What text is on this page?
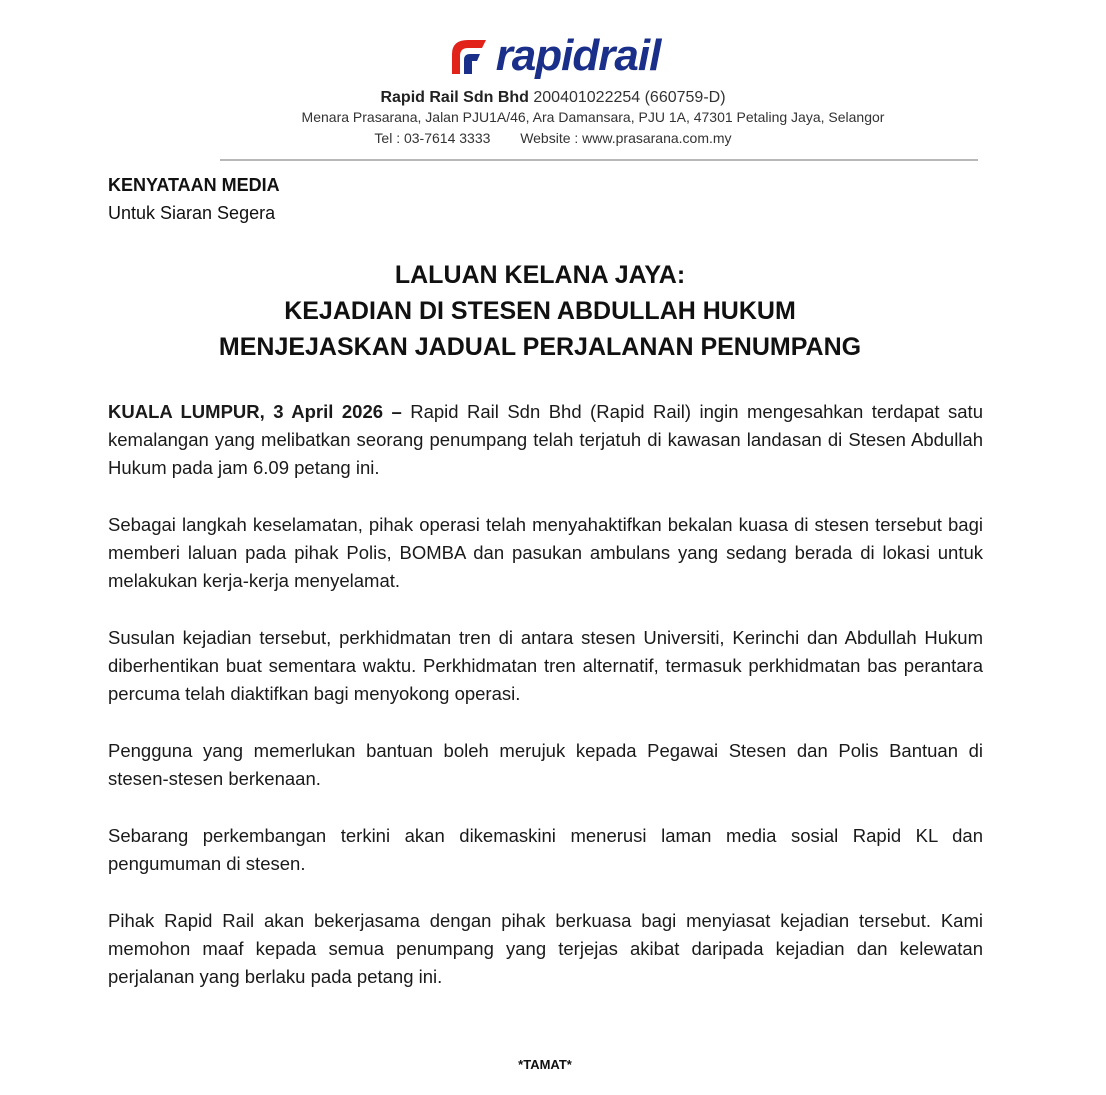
rapidrail
Rapid Rail Sdn Bhd 200401022254 (660759-D)
Menara Prasarana, Jalan PJU1A/46, Ara Damansara, PJU 1A, 47301 Petaling Jaya, Selangor
Tel : 03-7614 3333 Website : www.prasarana.com.my
KENYATAAN MEDIA
Untuk Siaran Segera
LALUAN KELANA JAYA:
KEJADIAN DI STESEN ABDULLAH HUKUM
MENJEJASKAN JADUAL PERJALANAN PENUMPANG
KUALA LUMPUR, 3 April 2026 – Rapid Rail Sdn Bhd (Rapid Rail) ingin mengesahkan terdapat satu kemalangan yang melibatkan seorang penumpang telah terjatuh di kawasan landasan di Stesen Abdullah Hukum pada jam 6.09 petang ini.
Sebagai langkah keselamatan, pihak operasi telah menyahaktifkan bekalan kuasa di stesen tersebut bagi memberi laluan pada pihak Polis, BOMBA dan pasukan ambulans yang sedang berada di lokasi untuk melakukan kerja-kerja menyelamat.
Susulan kejadian tersebut, perkhidmatan tren di antara stesen Universiti, Kerinchi dan Abdullah Hukum diberhentikan buat sementara waktu. Perkhidmatan tren alternatif, termasuk perkhidmatan bas perantara percuma telah diaktifkan bagi menyokong operasi.
Pengguna yang memerlukan bantuan boleh merujuk kepada Pegawai Stesen dan Polis Bantuan di stesen-stesen berkenaan.
Sebarang perkembangan terkini akan dikemaskini menerusi laman media sosial Rapid KL dan pengumuman di stesen.
Pihak Rapid Rail akan bekerjasama dengan pihak berkuasa bagi menyiasat kejadian tersebut. Kami memohon maaf kepada semua penumpang yang terjejas akibat daripada kejadian dan kelewatan perjalanan yang berlaku pada petang ini.
*TAMAT*
